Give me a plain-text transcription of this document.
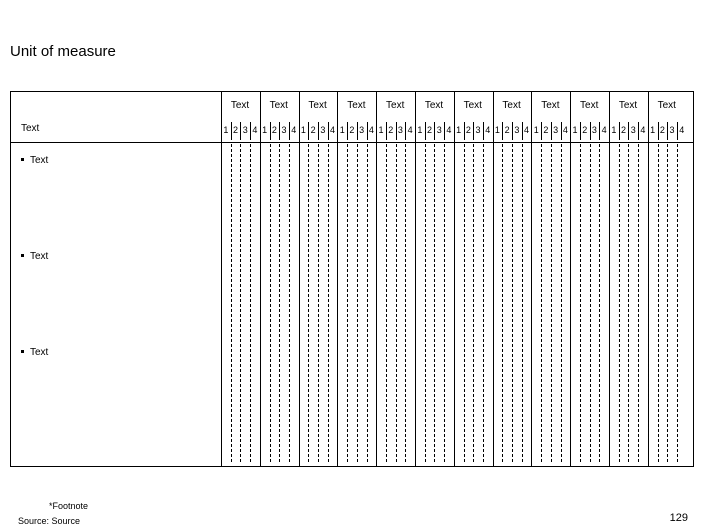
Unit of measure
Text
Text
Text
Text
Text
1 2 3 4
Text
1 2 3 4
Text
1 2 3 4
Text
1 2 3 4
Text
1 2 3 4
Text
1 2 3 4
Text
1 2 3 4
Text
1 2 3 4
Text
1 2 3 4
Text
1 2 3 4
Text
1 2 3 4
Text
1 2 3 4
*Footnote
Source: Source	129
